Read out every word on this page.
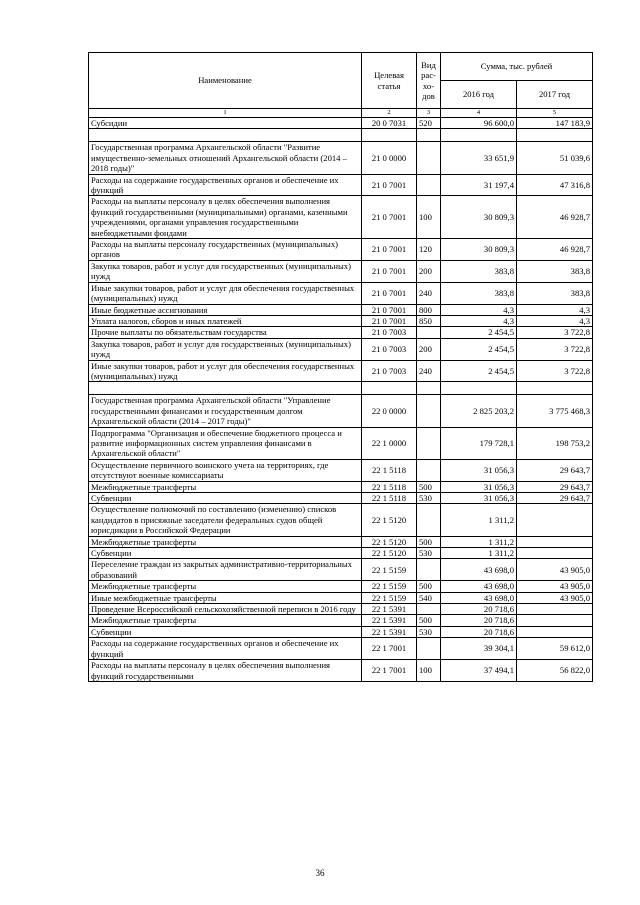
Наименование	Целевая статья	Вид рас- хо- дов	Сумма, тыс. рублей	
			2016 год	2017 год
1	2	3	4	5
Субсидии	20 0 7031	520	96 600,0	147 183,9

Государственная программа Архангельской области "Развитие имущественно-земельных отношений Архангельской области (2014 – 2018 годы)"	21 0 0000		33 651,9	51 039,6
Расходы на содержание государственных органов и обеспечение их функций	21 0 7001		31 197,4	47 316,8
Расходы на выплаты персоналу в целях обеспечения выполнения функций государственными (муниципальными) органами, казенными учреждениями, органами управления государственными внебюджетными фондами	21 0 7001	100	30 809,3	46 928,7
Расходы на выплаты персоналу государственных (муниципальных) органов	21 0 7001	120	30 809,3	46 928,7
Закупка товаров, работ и услуг для государственных (муниципальных) нужд	21 0 7001	200	383,8	383,8
Иные закупки товаров, работ и услуг для обеспечения государственных (муниципальных) нужд	21 0 7001	240	383,8	383,8
Иные бюджетные ассигнования	21 0 7001	800	4,3	4,3
Уплата налогов, сборов и иных платежей	21 0 7001	850	4,3	4,3
Прочие выплаты по обязательствам государства	21 0 7003		2 454,5	3 722,8
Закупка товаров, работ и услуг для государственных (муниципальных) нужд	21 0 7003	200	2 454,5	3 722,8
Иные закупки товаров, работ и услуг для обеспечения государственных (муниципальных) нужд	21 0 7003	240	2 454,5	3 722,8

Государственная программа Архангельской области "Управление государственными финансами и государственным долгом Архангельской области (2014 – 2017 годы)"	22 0 0000		2 825 203,2	3 775 468,3
Подпрограмма "Организация и обеспечение бюджетного процесса и развитие информационных систем управления финансами в Архангельской области"	22 1 0000		179 728,1	198 753,2
Осуществление первичного воинского учета на территориях, где отсутствуют военные комиссариаты	22 1 5118		31 056,3	29 643,7
Межбюджетные трансферты	22 1 5118	500	31 056,3	29 643,7
Субвенции	22 1 5118	530	31 056,3	29 643,7
Осуществление полномочий по составлению (изменению) списков кандидатов в присяжные заседатели федеральных судов общей юрисдикции в Российской Федерации	22 1 5120		1 311,2	
Межбюджетные трансферты	22 1 5120	500	1 311,2	
Субвенции	22 1 5120	530	1 311,2	
Переселение граждан из закрытых административно-территориальных образований	22 1 5159		43 698,0	43 905,0
Межбюджетные трансферты	22 1 5159	500	43 698,0	43 905,0
Иные межбюджетные трансферты	22 1 5159	540	43 698,0	43 905,0
Проведение Всероссийской сельскохозяйственной переписи в 2016 году	22 1 5391		20 718,6	
Межбюджетные трансферты	22 1 5391	500	20 718,6	
Субвенции	22 1 5391	530	20 718,6	
Расходы на содержание государственных органов и обеспечение их функций	22 1 7001		39 304,1	59 612,0
Расходы на выплаты персоналу в целях обеспечения выполнения функций государственными	22 1 7001	100	37 494,1	56 822,0
36
